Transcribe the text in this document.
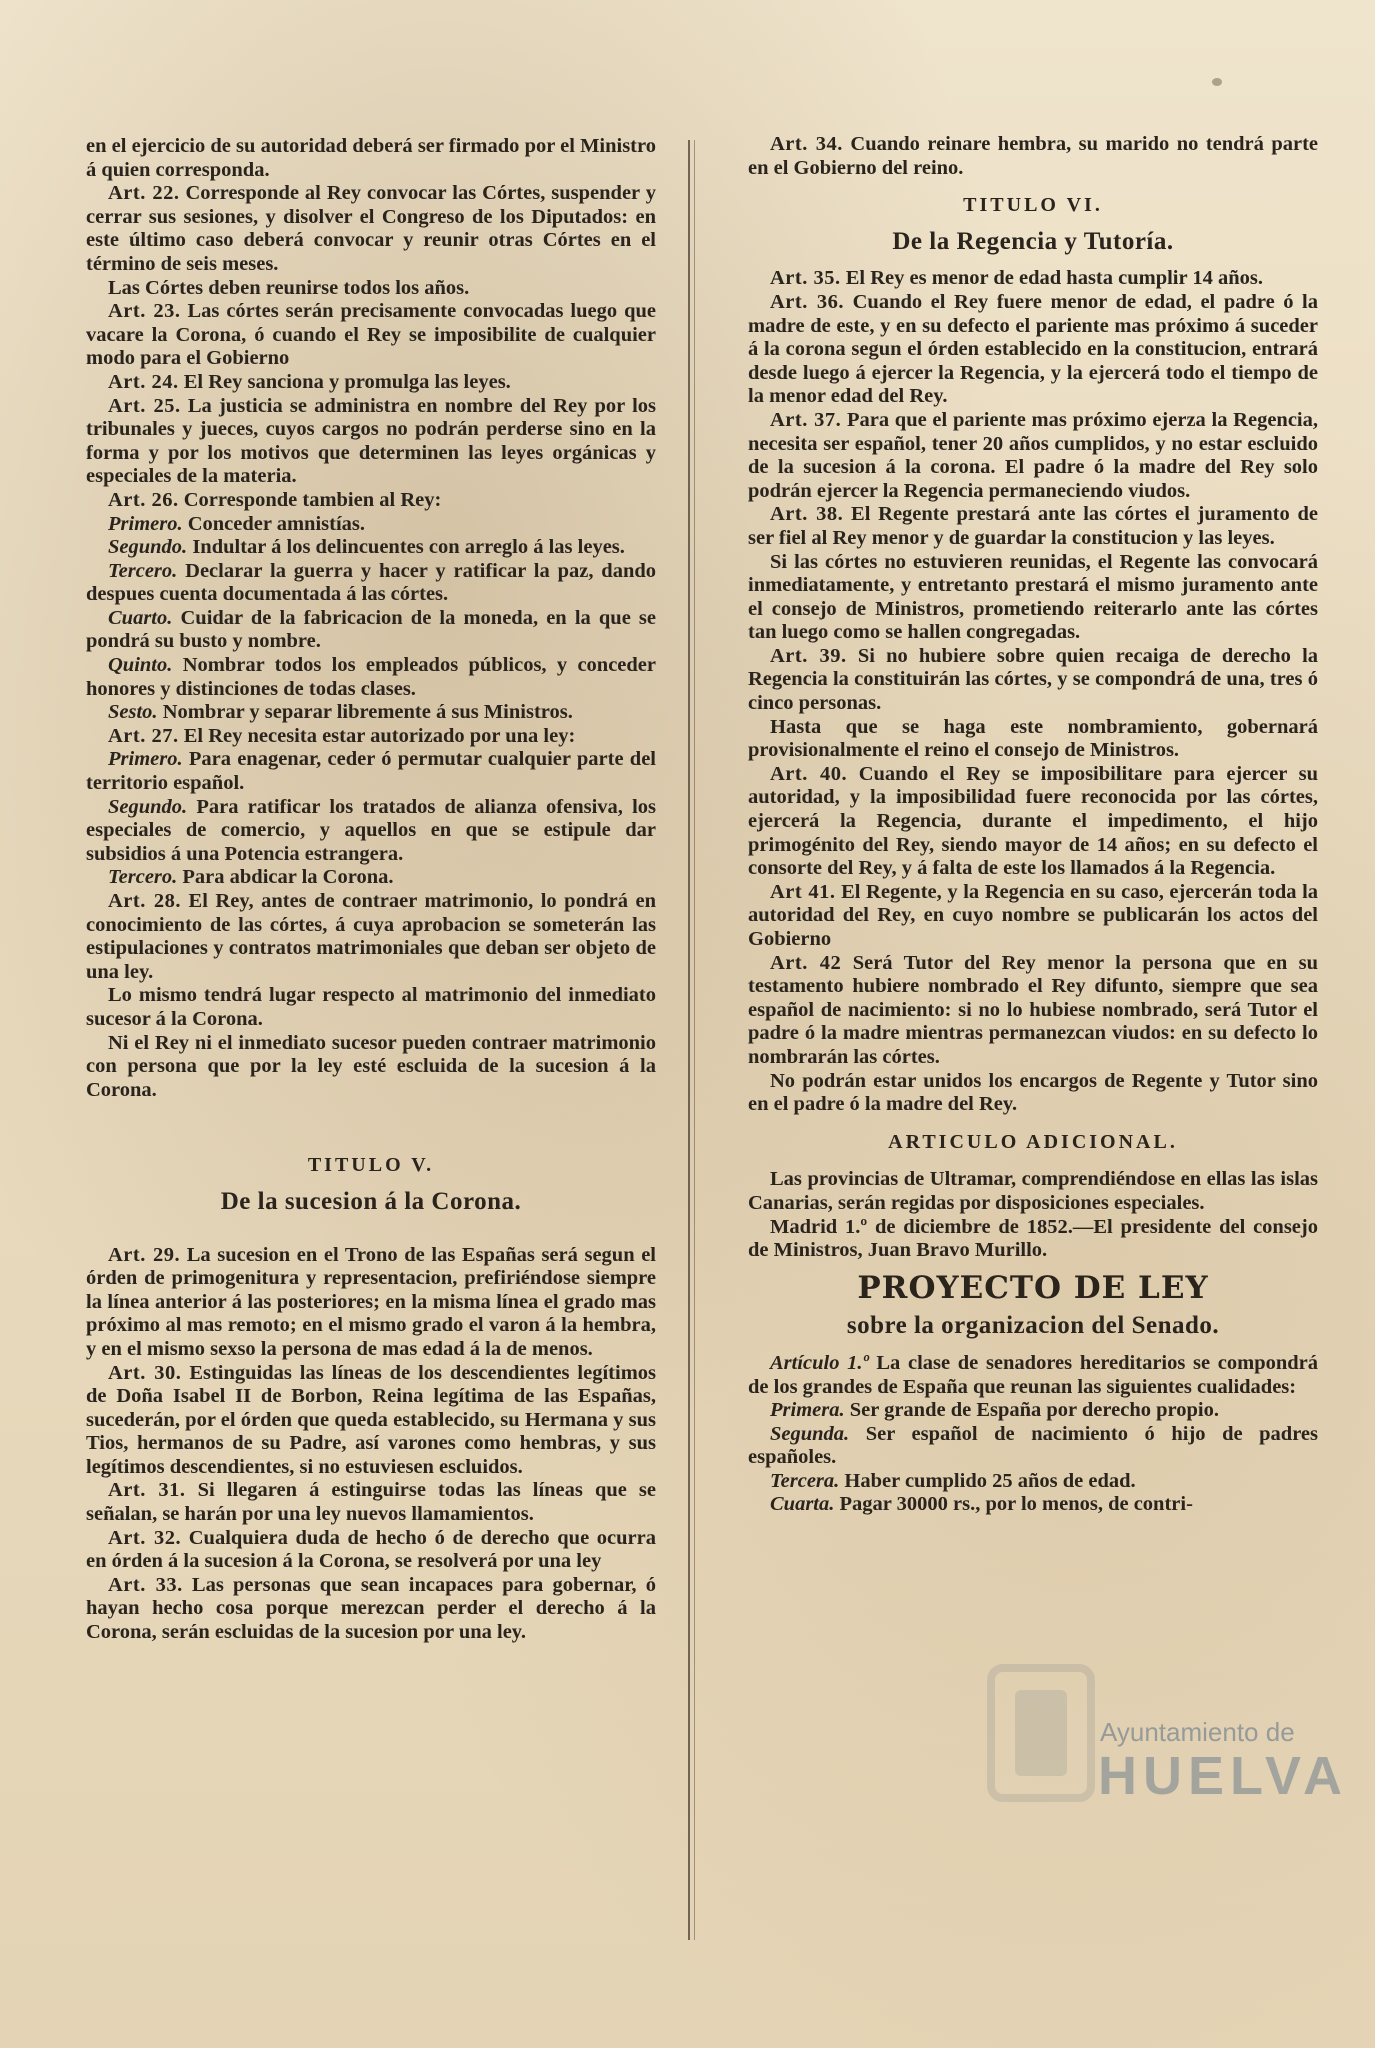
en el ejercicio de su autoridad deberá ser firmado por el Ministro á quien corresponda.

Art. 22. Corresponde al Rey convocar las Córtes, suspender y cerrar sus sesiones, y disolver el Congreso de los Diputados: en este último caso deberá convocar y reunir otras Córtes en el término de seis meses.

Las Córtes deben reunirse todos los años.

Art. 23. Las córtes serán precisamente convocadas luego que vacare la Corona, ó cuando el Rey se imposibilite de cualquier modo para el Gobierno

Art. 24. El Rey sanciona y promulga las leyes.

Art. 25. La justicia se administra en nombre del Rey por los tribunales y jueces, cuyos cargos no podrán perderse sino en la forma y por los motivos que determinen las leyes orgánicas y especiales de la materia.

Art. 26. Corresponde tambien al Rey:

Primero. Conceder amnistías.

Segundo. Indultar á los delincuentes con arreglo á las leyes.

Tercero. Declarar la guerra y hacer y ratificar la paz, dando despues cuenta documentada á las córtes.

Cuarto. Cuidar de la fabricacion de la moneda, en la que se pondrá su busto y nombre.

Quinto. Nombrar todos los empleados públicos, y conceder honores y distinciones de todas clases.

Sesto. Nombrar y separar libremente á sus Ministros.

Art. 27. El Rey necesita estar autorizado por una ley:

Primero. Para enagenar, ceder ó permutar cualquier parte del territorio español.

Segundo. Para ratificar los tratados de alianza ofensiva, los especiales de comercio, y aquellos en que se estipule dar subsidios á una Potencia estrangera.

Tercero. Para abdicar la Corona.

Art. 28. El Rey, antes de contraer matrimonio, lo pondrá en conocimiento de las córtes, á cuya aprobacion se someterán las estipulaciones y contratos matrimoniales que deban ser objeto de una ley.

Lo mismo tendrá lugar respecto al matrimonio del inmediato sucesor á la Corona.

Ni el Rey ni el inmediato sucesor pueden contraer matrimonio con persona que por la ley esté escluida de la sucesion á la Corona.

TITULO V.

De la sucesion á la Corona.

Art. 29. La sucesion en el Trono de las Españas será segun el órden de primogenitura y representacion, prefiriéndose siempre la línea anterior á las posteriores; en la misma línea el grado mas próximo al mas remoto; en el mismo grado el varon á la hembra, y en el mismo sexso la persona de mas edad á la de menos.

Art. 30. Estinguidas las líneas de los descendientes legítimos de Doña Isabel II de Borbon, Reina legítima de las Españas, sucederán, por el órden que queda establecido, su Hermana y sus Tios, hermanos de su Padre, así varones como hembras, y sus legítimos descendientes, si no estuviesen escluidos.

Art. 31. Si llegaren á estinguirse todas las líneas que se señalan, se harán por una ley nuevos llamamientos.

Art. 32. Cualquiera duda de hecho ó de derecho que ocurra en órden á la sucesion á la Corona, se resolverá por una ley

Art. 33. Las personas que sean incapaces para gobernar, ó hayan hecho cosa porque merezcan perder el derecho á la Corona, serán escluidas de la sucesion por una ley.

Art. 34. Cuando reinare hembra, su marido no tendrá parte en el Gobierno del reino.

TITULO VI.

De la Regencia y Tutoría.

Art. 35. El Rey es menor de edad hasta cumplir 14 años.

Art. 36. Cuando el Rey fuere menor de edad, el padre ó la madre de este, y en su defecto el pariente mas próximo á suceder á la corona segun el órden establecido en la constitucion, entrará desde luego á ejercer la Regencia, y la ejercerá todo el tiempo de la menor edad del Rey.

Art. 37. Para que el pariente mas próximo ejerza la Regencia, necesita ser español, tener 20 años cumplidos, y no estar escluido de la sucesion á la corona. El padre ó la madre del Rey solo podrán ejercer la Regencia permaneciendo viudos.

Art. 38. El Regente prestará ante las córtes el juramento de ser fiel al Rey menor y de guardar la constitucion y las leyes.

Si las córtes no estuvieren reunidas, el Regente las convocará inmediatamente, y entretanto prestará el mismo juramento ante el consejo de Ministros, prometiendo reiterarlo ante las córtes tan luego como se hallen congregadas.

Art. 39. Si no hubiere sobre quien recaiga de derecho la Regencia la constituirán las córtes, y se compondrá de una, tres ó cinco personas.

Hasta que se haga este nombramiento, gobernará provisionalmente el reino el consejo de Ministros.

Art. 40. Cuando el Rey se imposibilitare para ejercer su autoridad, y la imposibilidad fuere reconocida por las córtes, ejercerá la Regencia, durante el impedimento, el hijo primogénito del Rey, siendo mayor de 14 años; en su defecto el consorte del Rey, y á falta de este los llamados á la Regencia.

Art 41. El Regente, y la Regencia en su caso, ejercerán toda la autoridad del Rey, en cuyo nombre se publicarán los actos del Gobierno

Art. 42 Será Tutor del Rey menor la persona que en su testamento hubiere nombrado el Rey difunto, siempre que sea español de nacimiento: si no lo hubiese nombrado, será Tutor el padre ó la madre mientras permanezcan viudos: en su defecto lo nombrarán las córtes.

No podrán estar unidos los encargos de Regente y Tutor sino en el padre ó la madre del Rey.

ARTICULO ADICIONAL.

Las provincias de Ultramar, comprendiéndose en ellas las islas Canarias, serán regidas por disposiciones especiales.

Madrid 1.º de diciembre de 1852.—El presidente del consejo de Ministros, Juan Bravo Murillo.

PROYECTO DE LEY

sobre la organizacion del Senado.

Artículo 1.º La clase de senadores hereditarios se compondrá de los grandes de España que reunan las siguientes cualidades:

Primera. Ser grande de España por derecho propio.

Segunda. Ser español de nacimiento ó hijo de padres españoles.

Tercera. Haber cumplido 25 años de edad.

Cuarta. Pagar 30000 rs., por lo menos, de contri-

Ayuntamiento de
HUELVA
